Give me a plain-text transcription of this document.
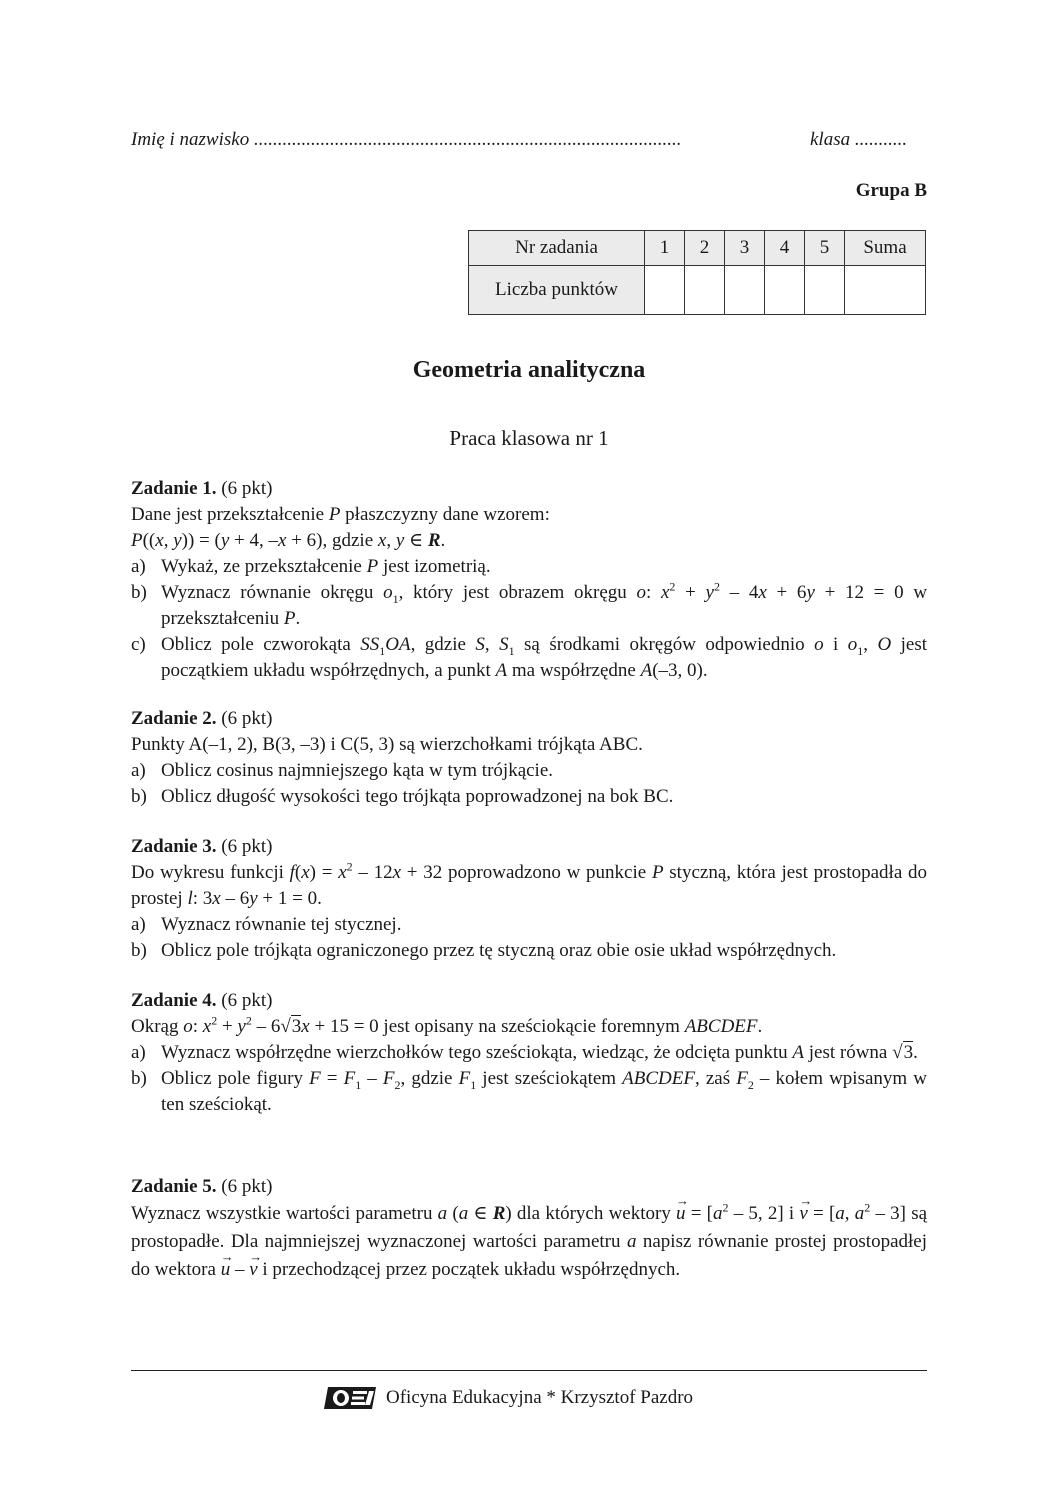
Imię i nazwisko ..........................................................................................	klasa ...........
Grupa B
Nr zadania	1	2	3	4	5	Suma
Liczba punktów						
Geometria analityczna
Praca klasowa nr 1

Zadanie 1. (6 pkt)

Dane jest przekształcenie P płaszczyzny dane wzorem:

P((x, y)) = (y + 4, –x + 6), gdzie x, y ∈ R.

a) Wykaż, ze przekształcenie P jest izometrią.
b) Wyznacz równanie okręgu $o_1$, który jest obrazem okręgu o: $x^2 + y^2 - 4x + 6y + 12 = 0$ w przekształceniu P.
c) Oblicz pole czworokąta $SS_1OA$, gdzie S, $S_1$ są środkami okręgów odpowiednio o i $o_1$, O jest początkiem układu współrzędnych, a punkt A ma współrzędne A(–3, 0).

Zadanie 2. (6 pkt)

Punkty A(–1, 2), B(3, –3) i C(5, 3) są wierzchołkami trójkąta ABC.

a) Oblicz cosinus najmniejszego kąta w tym trójkącie.
b) Oblicz długość wysokości tego trójkąta poprowadzonej na bok BC.

Zadanie 3. (6 pkt)

Do wykresu funkcji $f(x) = x^2 - 12x + 32$ poprowadzono w punkcie P styczną, która jest prostopadła do prostej l: 3x – 6y + 1 = 0.

a) Wyznacz równanie tej stycznej.
b) Oblicz pole trójkąta ograniczonego przez tę styczną oraz obie osie układ współrzędnych.

Zadanie 4. (6 pkt)

Okrąg o: $x^2 + y^2 - 6√3x + 15 = 0$ jest opisany na sześciokącie foremnym ABCDEF.

a) Wyznacz współrzędne wierzchołków tego sześciokąta, wiedząc, że odcięta punktu A jest równa √3.
b) Oblicz pole figury $F = F_1 - F_2$, gdzie $F_1$ jest sześciokątem ABCDEF, zaś $F_2$ – kołem wpisanym w ten sześciokąt.

Zadanie 5. (6 pkt)

Wyznacz wszystkie wartości parametru a (a ∈ R) dla których wektory → $u = [a^2 - 5$, 2] i → v = [a, $a^2 - 3$] są prostopadłe. Dla najmniejszej wyznaczonej wartości parametru a napisz równanie prostej prostopadłej do wektora → u – → v i przechodzącej przez początek układu współrzędnych.

Oficyna Edukacyjna * Krzysztof Pazdro
